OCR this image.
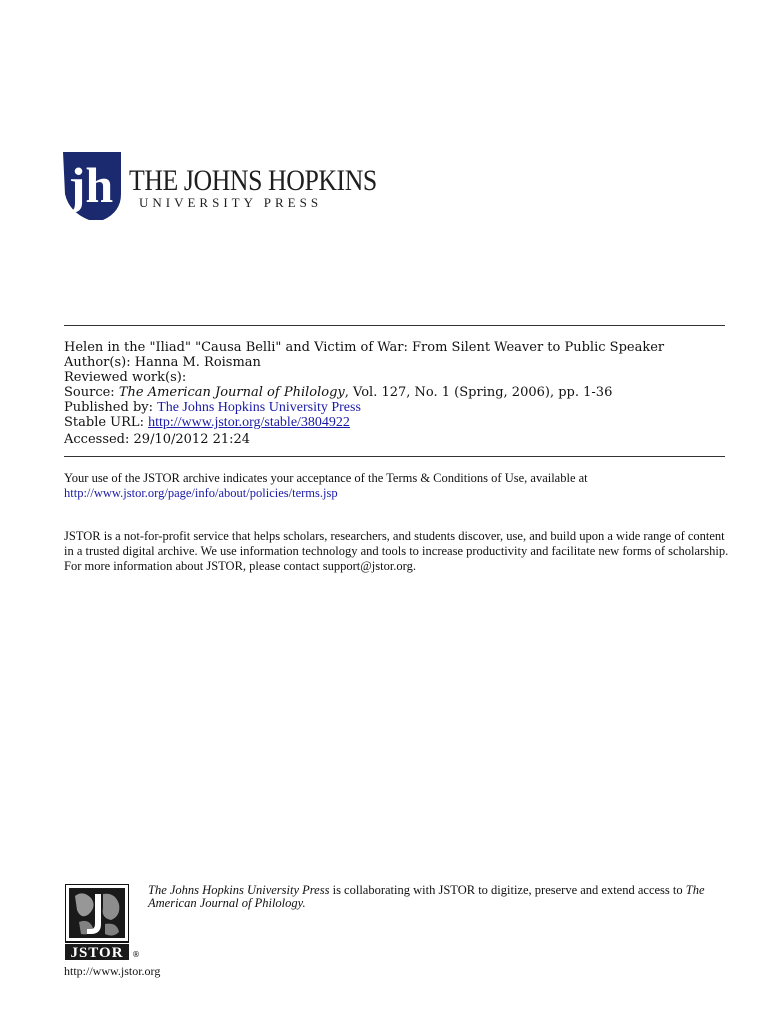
jh THE JOHNS HOPKINS
UNIVERSITY PRESS
Helen in the "Iliad" "Causa Belli" and Victim of War: From Silent Weaver to Public Speaker
Author(s): Hanna M. Roisman
Reviewed work(s):
Source: The American Journal of Philology, Vol. 127, No. 1 (Spring, 2006), pp. 1-36
Published by: The Johns Hopkins University Press
Stable URL: http://www.jstor.org/stable/3804922
Accessed: 29/10/2012 21:24
Your use of the JSTOR archive indicates your acceptance of the Terms & Conditions of Use, available at
http://www.jstor.org/page/info/about/policies/terms.jsp
JSTOR is a not-for-profit service that helps scholars, researchers, and students discover, use, and build upon a wide range of content in a trusted digital archive. We use information technology and tools to increase productivity and facilitate new forms of scholarship. For more information about JSTOR, please contact support@jstor.org.
JSTOR ®
http://www.jstor.org
The Johns Hopkins University Press is collaborating with JSTOR to digitize, preserve and extend access to The American Journal of Philology.
